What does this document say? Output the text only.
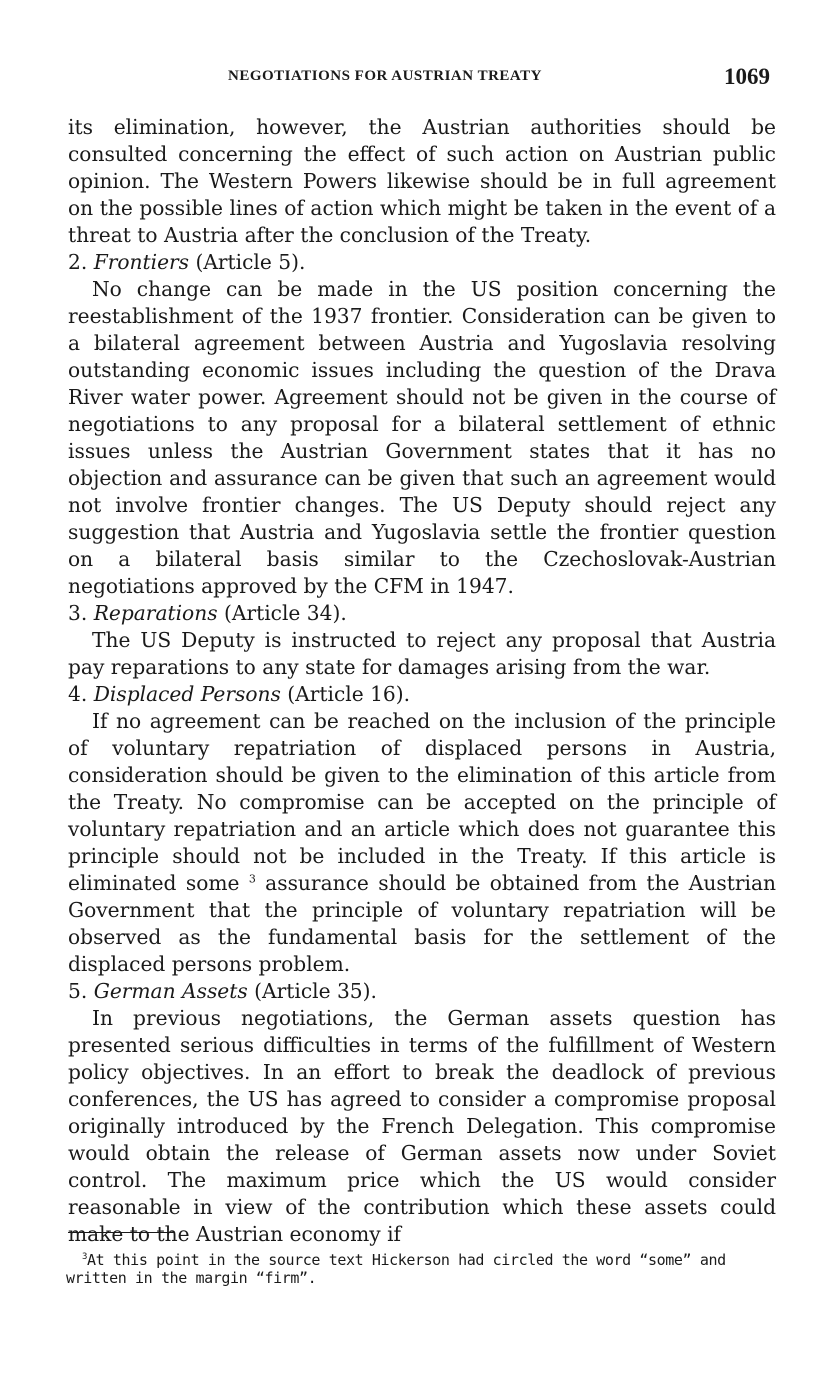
NEGOTIATIONS FOR AUSTRIAN TREATY	1069

its elimination, however, the Austrian authorities should be consulted concerning the effect of such action on Austrian public opinion. The Western Powers likewise should be in full agreement on the possible lines of action which might be taken in the event of a threat to Austria after the conclusion of the Treaty.

2. Frontiers (Article 5).

No change can be made in the US position concerning the reestablishment of the 1937 frontier. Consideration can be given to a bilateral agreement between Austria and Yugoslavia resolving outstanding economic issues including the question of the Drava River water power. Agreement should not be given in the course of negotiations to any proposal for a bilateral settlement of ethnic issues unless the Austrian Government states that it has no objection and assurance can be given that such an agreement would not involve frontier changes. The US Deputy should reject any suggestion that Austria and Yugoslavia settle the frontier question on a bilateral basis similar to the Czechoslovak-Austrian negotiations approved by the CFM in 1947.

3. Reparations (Article 34).

The US Deputy is instructed to reject any proposal that Austria pay reparations to any state for damages arising from the war.

4. Displaced Persons (Article 16).

If no agreement can be reached on the inclusion of the principle of voluntary repatriation of displaced persons in Austria, consideration should be given to the elimination of this article from the Treaty. No compromise can be accepted on the principle of voluntary repatriation and an article which does not guarantee this principle should not be included in the Treaty. If this article is eliminated some $^3$ assurance should be obtained from the Austrian Government that the principle of voluntary repatriation will be observed as the fundamental basis for the settlement of the displaced persons problem.

5. German Assets (Article 35).

In previous negotiations, the German assets question has presented serious difficulties in terms of the fulfillment of Western policy objectives. In an effort to break the deadlock of previous conferences, the US has agreed to consider a compromise proposal originally introduced by the French Delegation. This compromise would obtain the release of German assets now under Soviet control. The maximum price which the US would consider reasonable in view of the contribution which these assets could make to the Austrian economy if

$^3$At this point in the source text Hickerson had circled the word “some” and written in the margin “firm”.
